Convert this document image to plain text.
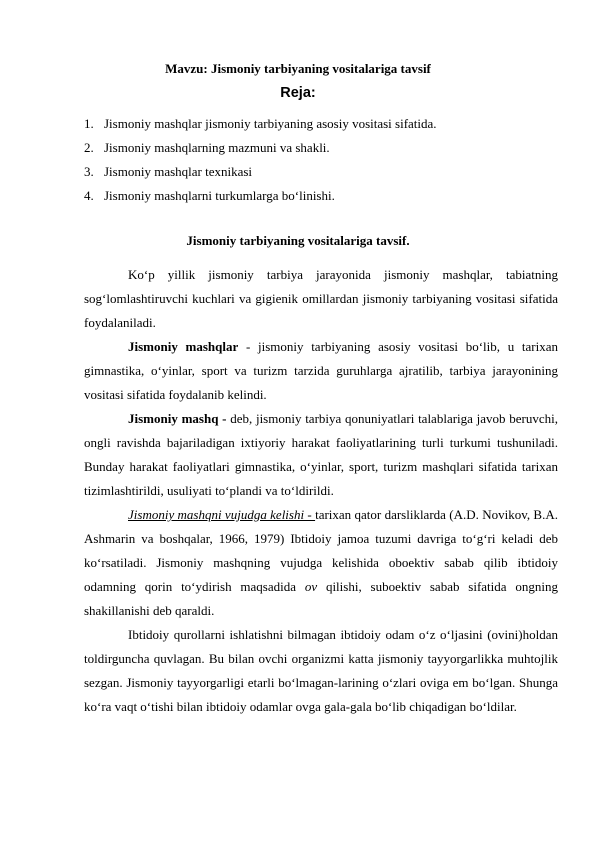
Mavzu: Jismoniy tarbiyaning vositalariga tavsif
Reja:
1. Jismoniy mashqlar jismoniy tarbiyaning asosiy vositasi sifatida.
2. Jismoniy mashqlarning mazmuni va shakli.
3. Jismoniy mashqlar texnikasi
4. Jismoniy mashqlarni turkumlarga bo‘linishi.
Jismoniy tarbiyaning vositalariga tavsif.

Ko‘p yillik jismoniy tarbiya jarayonida jismoniy mashqlar, tabiatning sog‘lomlashtiruvchi kuchlari va gigienik omillardan jismoniy tarbiyaning vositasi sifatida foydalaniladi.

Jismoniy mashqlar - jismoniy tarbiyaning asosiy vositasi bo‘lib, u tarixan gimnastika, o‘yinlar, sport va turizm tarzida guruhlarga ajratilib, tarbiya jarayonining vositasi sifatida foydalanib kelindi.

Jismoniy mashq - deb, jismoniy tarbiya qonuniyatlari talablariga javob beruvchi, ongli ravishda bajariladigan ixtiyoriy harakat faoliyatlarining turli turkumi tushuniladi. Bunday harakat faoliyatlari gimnastika, o‘yinlar, sport, turizm mashqlari sifatida tarixan tizimlashtirildi, usuliyati to‘plandi va to‘ldirildi.

Jismoniy mashqni vujudga kelishi - tarixan qator darsliklarda (A.D. Novikov, B.A. Ashmarin va boshqalar, 1966, 1979) Ibtidoiy jamoa tuzumi davriga to‘g‘ri keladi deb ko‘rsatiladi. Jismoniy mashqning vujudga kelishida oboektiv sabab qilib ibtidoiy odamning qorin to‘ydirish maqsadida ov qilishi, suboektiv sabab sifatida ongning shakillanishi deb qaraldi.

Ibtidoiy qurollarni ishlatishni bilmagan ibtidoiy odam o‘z o‘ljasini (ovini)holdan toldirguncha quvlagan. Bu bilan ovchi organizmi katta jismoniy tayyorgarlikka muhtojlik sezgan. Jismoniy tayyorgarligi etarli bo‘lmagan-larining o‘zlari oviga em bo‘lgan. Shunga ko‘ra vaqt o‘tishi bilan ibtidoiy odamlar ovga gala-gala bo‘lib chiqadigan bo‘ldilar.
